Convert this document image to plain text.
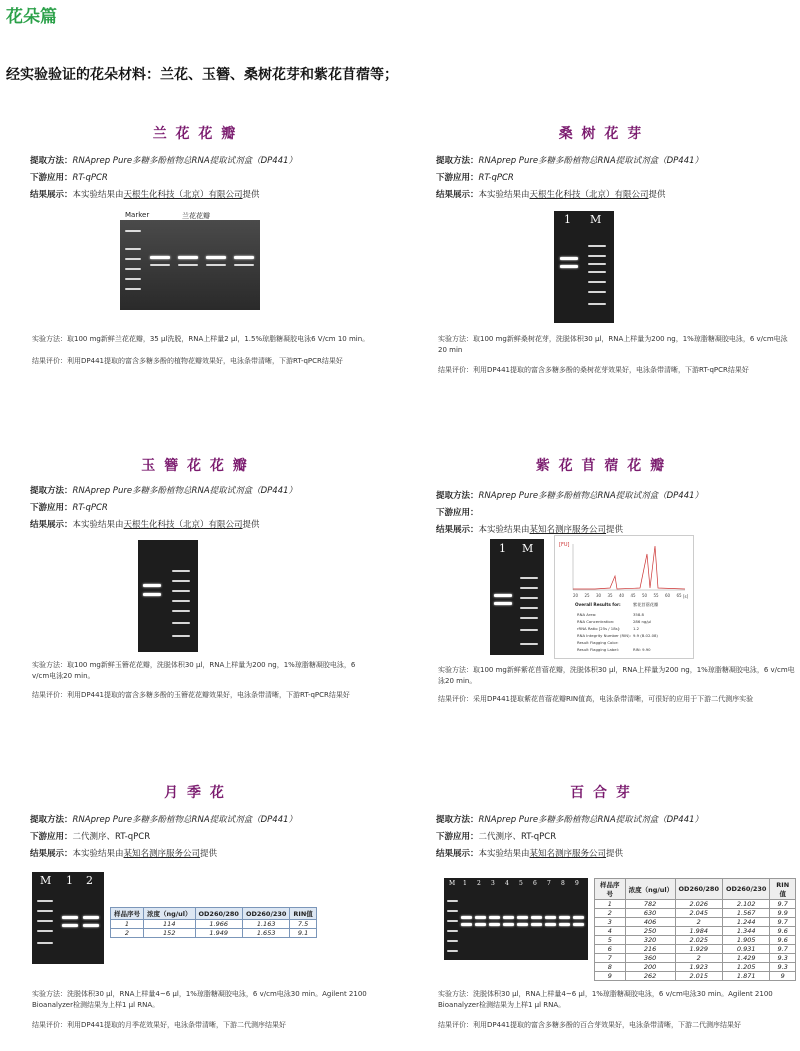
花朵篇
经实验验证的花朵材料：兰花、玉簪、桑树花芽和紫花苜蓿等；
兰 花 花 瓣
提取方法：RNAprep Pure多糖多酚植物总RNA提取试剂盒（DP441）
下游应用：RT-qPCR
结果展示：本实验结果由天根生化科技（北京）有限公司提供
Marker	兰花花瓣
实验方法：取100 mg新鲜兰花花瓣，35 μl洗脱，RNA上样量2 μl，1.5%琼脂糖凝胶电泳6 V/cm 10 min。
结果评价：利用DP441提取的富含多糖多酚的植物花瓣效果好，电泳条带清晰，下游RT-qPCR结果好
桑 树 花 芽
提取方法：RNAprep Pure多糖多酚植物总RNA提取试剂盒（DP441）
下游应用：RT-qPCR
结果展示：本实验结果由天根生化科技（北京）有限公司提供
1 M
实验方法：取100 mg新鲜桑树花芽，洗脱体积30 μl，RNA上样量为200 ng，1%琼脂糖凝胶电泳，6 v/cm电泳20 min
结果评价：利用DP441提取的富含多糖多酚的桑树花芽效果好，电泳条带清晰，下游RT-qPCR结果好
玉 簪 花 花 瓣
提取方法：RNAprep Pure多糖多酚植物总RNA提取试剂盒（DP441）
下游应用：RT-qPCR
结果展示：本实验结果由天根生化科技（北京）有限公司提供
实验方法：取100 mg新鲜玉簪花花瓣，洗脱体积30 μl，RNA上样量为200 ng，1%琼脂糖凝胶电泳，6 v/cm电泳20 min。
结果评价：利用DP441提取的富含多糖多酚的玉簪花花瓣效果好，电泳条带清晰，下游RT-qPCR结果好
紫 花 苜 蓿 花 瓣
提取方法：RNAprep Pure多糖多酚植物总RNA提取试剂盒（DP441）
下游应用：
结果展示：本实验结果由某知名测序服务公司提供
1 M	[FU]
20 25 30 35 40 45 50 55 60 65 [s]
Overall Results for:	紫花苜蓿花瓣
RNA Area:	358.8
RNA Concentration:	286 ng/µl
rRNA Ratio [25s / 18s]:	1.2
RNA Integrity Number (RIN): 9.9 (B.02.08)
Result Flagging Color:
Result Flagging Label:	RIN: 9.90
实验方法：取100 mg新鲜紫花苜蓿花瓣，洗脱体积30 μl，RNA上样量为200 ng，1%琼脂糖凝胶电泳，6 v/cm电泳20 min。
结果评价：采用DP441提取紫花苜蓿花瓣RIN值高，电泳条带清晰，可很好的应用于下游二代测序实验
月 季 花
提取方法：RNAprep Pure多糖多酚植物总RNA提取试剂盒（DP441）
下游应用：二代测序、RT-qPCR
结果展示：本实验结果由某知名测序服务公司提供
M 1 2
样品序号	浓度（ng/ul）	OD260/280	OD260/230	RIN值
1	114	1.966	1.163	7.5
2	152	1.949	1.653	9.1
实验方法：洗脱体积30 μl，RNA上样量4~6 μl，1%琼脂糖凝胶电泳，6 v/cm电泳30 min。Agilent 2100 Bioanalyzer检测结果为上样1 μl RNA。
结果评价：利用DP441提取的月季花效果好，电泳条带清晰，下游二代测序结果好
百 合 芽
提取方法：RNAprep Pure多糖多酚植物总RNA提取试剂盒（DP441）
下游应用：二代测序、RT-qPCR
结果展示：本实验结果由某知名测序服务公司提供
M 1 2 3 4 5 6 7 8 9	样品序号	浓度（ng/ul）	OD260/280	OD260/230	RIN值
1	782	2.026	2.102	9.7
2	630	2.045	1.567	9.9
3	406	2	1.244	9.7
4	250	1.984	1.344	9.6
5	320	2.025	1.905	9.6
6	216	1.929	0.931	9.7
7	360	2	1.429	9.3
8	200	1.923	1.205	9.3
9	262	2.015	1.871	9
实验方法：洗脱体积30 μl，RNA上样量4~6 μl，1%琼脂糖凝胶电泳，6 v/cm电泳30 min。Agilent 2100 Bioanalyzer检测结果为上样1 μl RNA。
结果评价：利用DP441提取的富含多糖多酚的百合芽效果好，电泳条带清晰，下游二代测序结果好
